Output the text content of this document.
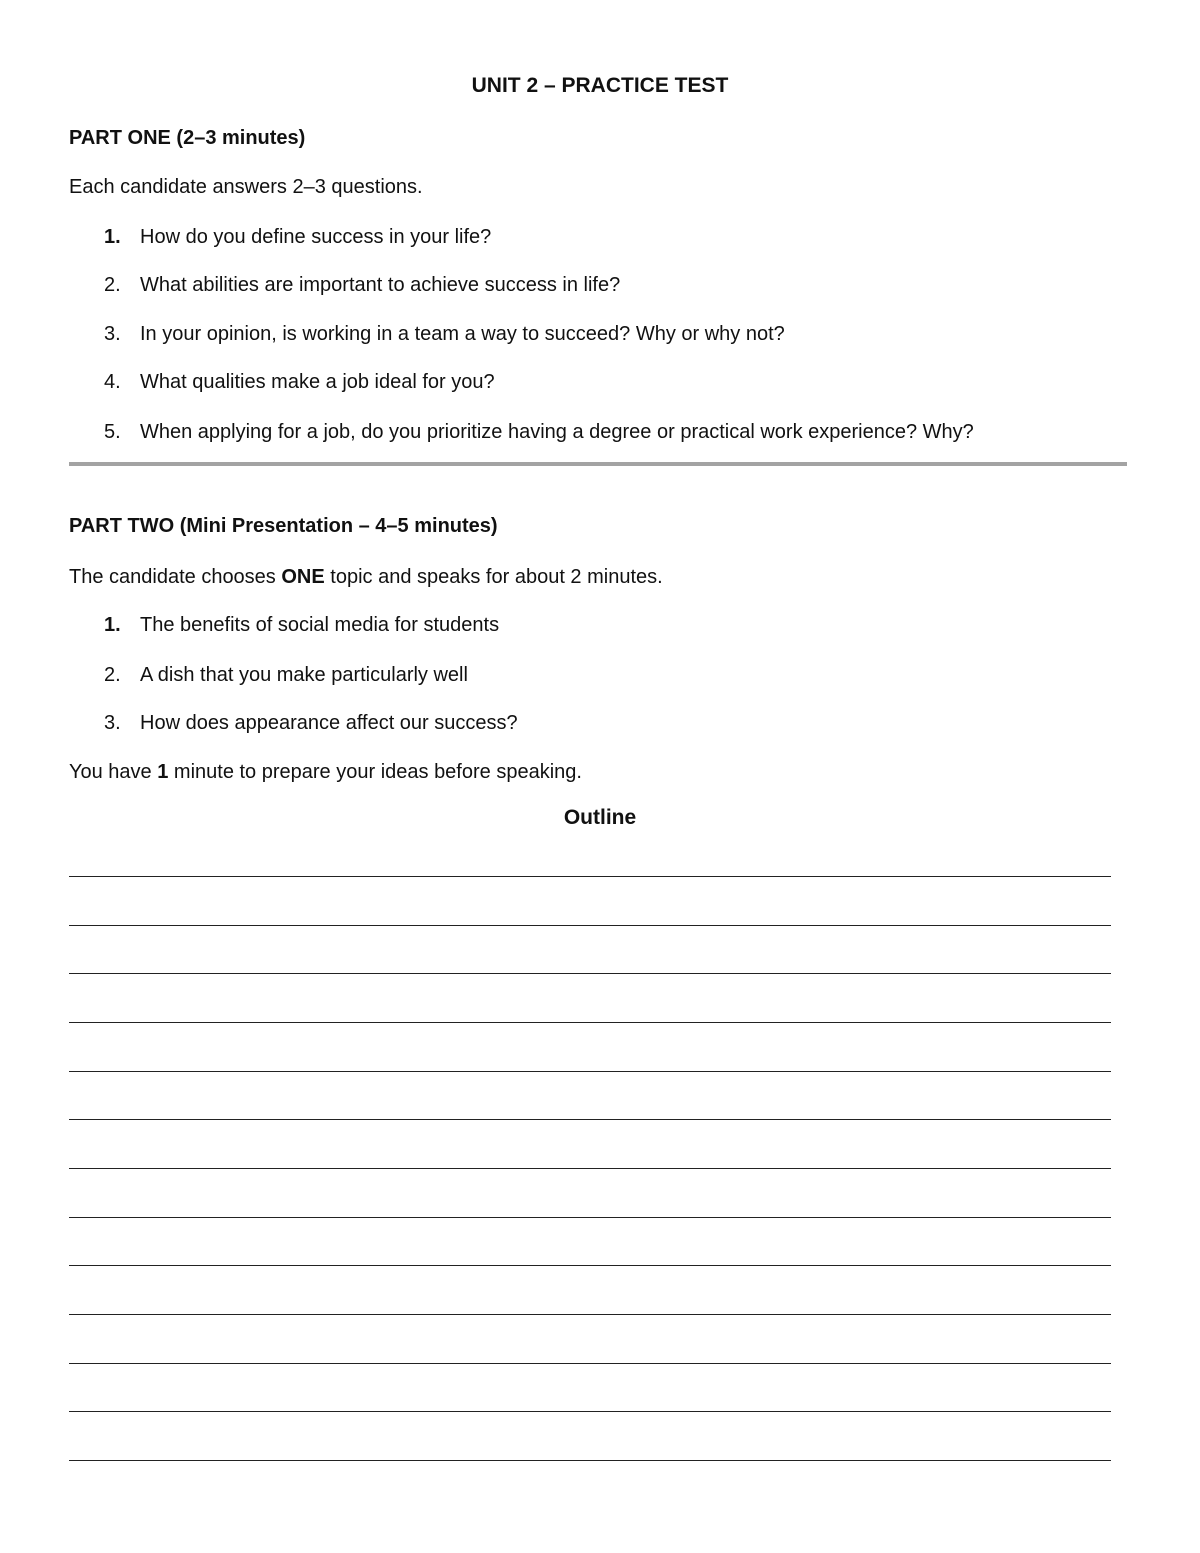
UNIT 2 – PRACTICE TEST
PART ONE (2–3 minutes)
Each candidate answers 2–3 questions.
1. How do you define success in your life?
2. What abilities are important to achieve success in life?
3. In your opinion, is working in a team a way to succeed? Why or why not?
4. What qualities make a job ideal for you?
5. When applying for a job, do you prioritize having a degree or practical work experience? Why?
PART TWO (Mini Presentation – 4–5 minutes)
The candidate chooses ONE topic and speaks for about 2 minutes.
1. The benefits of social media for students
2. A dish that you make particularly well
3. How does appearance affect our success?
You have 1 minute to prepare your ideas before speaking.
Outline
